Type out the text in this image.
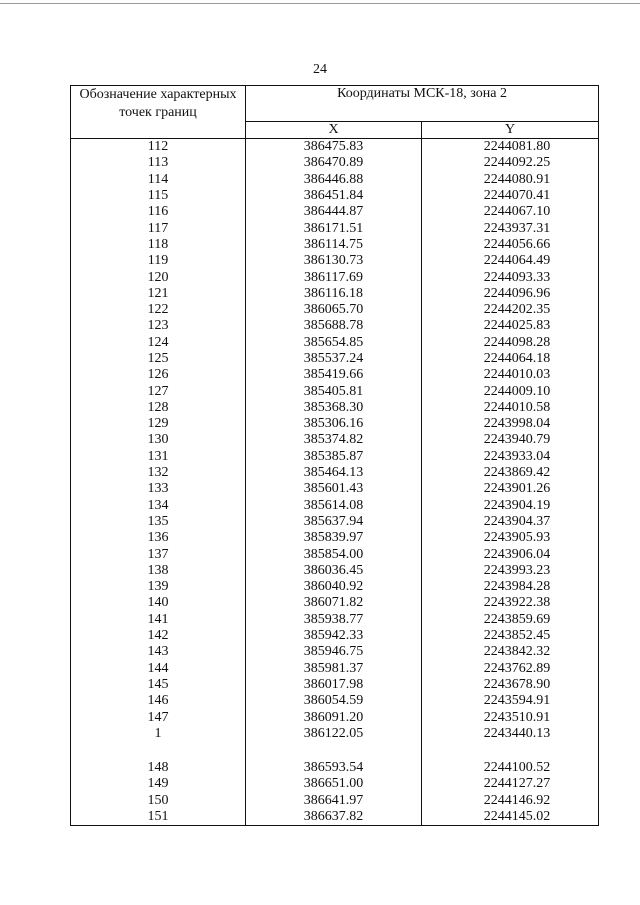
24
Обозначение характерных точек границ	Координаты МСК-18, зона 2	
	X	Y
112	386475.83	2244081.80
113	386470.89	2244092.25
114	386446.88	2244080.91
115	386451.84	2244070.41
116	386444.87	2244067.10
117	386171.51	2243937.31
118	386114.75	2244056.66
119	386130.73	2244064.49
120	386117.69	2244093.33
121	386116.18	2244096.96
122	386065.70	2244202.35
123	385688.78	2244025.83
124	385654.85	2244098.28
125	385537.24	2244064.18
126	385419.66	2244010.03
127	385405.81	2244009.10
128	385368.30	2244010.58
129	385306.16	2243998.04
130	385374.82	2243940.79
131	385385.87	2243933.04
132	385464.13	2243869.42
133	385601.43	2243901.26
134	385614.08	2243904.19
135	385637.94	2243904.37
136	385839.97	2243905.93
137	385854.00	2243906.04
138	386036.45	2243993.23
139	386040.92	2243984.28
140	386071.82	2243922.38
141	385938.77	2243859.69
142	385942.33	2243852.45
143	385946.75	2243842.32
144	385981.37	2243762.89
145	386017.98	2243678.90
146	386054.59	2243594.91
147	386091.20	2243510.91
1	386122.05	2243440.13

148	386593.54	2244100.52
149	386651.00	2244127.27
150	386641.97	2244146.92
151	386637.82	2244145.02
